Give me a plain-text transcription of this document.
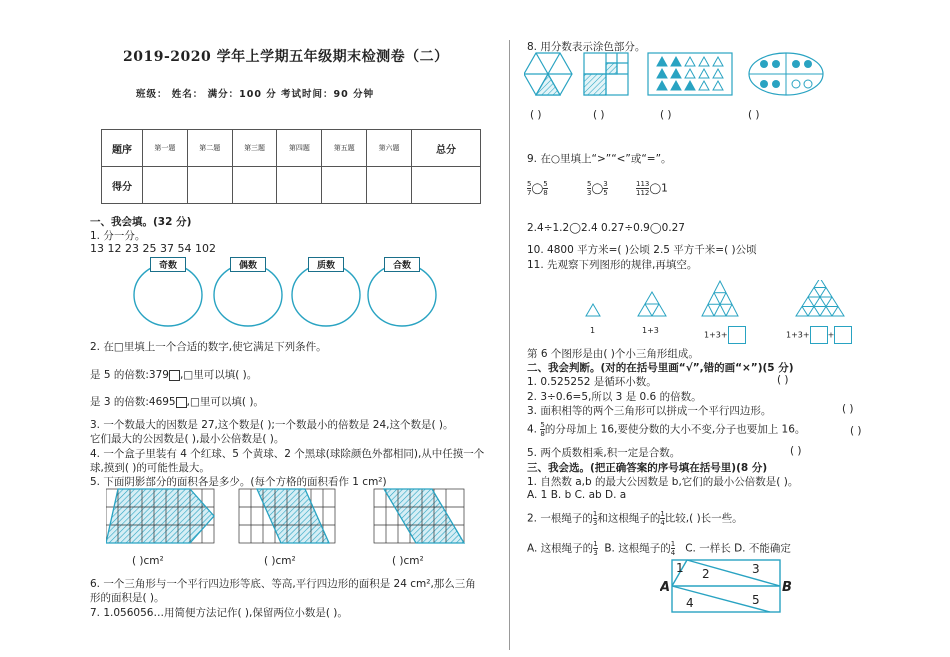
2019-2020 学年上学期五年级期末检测卷（二）
班级： 姓名： 满分：100 分 考试时间：90 分钟
题序	第一题	第二题	第三题	第四题	第五题	第六题	总分
得分							
一、我会填。(32 分)
1. 分一分。
13 12 23 25 37 54 102
奇数	偶数	质数	合数
2. 在□里填上一个合适的数字,使它满足下列条件。
是 5 的倍数:379 ,□里可以填( )。
是 3 的倍数:4695 ,□里可以填( )。
3. 一个数最大的因数是 27,这个数是( );一个数最小的倍数是 24,这个数是( )。
它们最大的公因数是( ),最小公倍数是( )。
4. 一个盒子里装有 4 个红球、5 个黄球、2 个黑球(球除颜色外都相同),从中任摸一个
球,摸到( )的可能性最大。
5. 下面阴影部分的面积各是多少。(每个方格的面积看作 1 cm²)
( )cm²	( )cm²	( )cm²
6. 一个三角形与一个平行四边形等底、等高,平行四边形的面积是 24 cm²,那么三角
形的面积是( )。
7. 1.056056…用简便方法记作( ),保留两位小数是( )。
8. 用分数表示涂色部分。
( )	( )	( )	( )
9. 在○里填上“>”“<”或“=”。
$\frac{5}{7}$ ◯ $\frac{5}{8}$	$\frac{5}{3}$ ◯ $\frac{3}{5}$	$\frac{113}{112}$ ◯1
2.4÷1.2◯2.4 0.27÷0.9◯0.27
10. 4800 平方米=( )公顷 2.5 平方千米=( )公顷
11. 先观察下列图形的规律,再填空。
1	1+3	1+3+	1+3+ +
第 6 个图形是由( )个小三角形组成。
二、我会判断。(对的在括号里画“√”,错的画“×”)(5 分)
1. 0.525252 是循环小数。	( )
2. 3÷0.6=5,所以 3 是 0.6 的倍数。
3. 面积相等的两个三角形可以拼成一个平行四边形。	( )
4. $\frac{5}{8}$ 的分母加上 16,要使分数的大小不变,分子也要加上 16。	( )
5. 两个质数相乘,积一定是合数。	( )
三、我会选。(把正确答案的序号填在括号里)(8 分)
1. 自然数 a,b 的最大公因数是 b,它们的最小公倍数是( )。
A. 1 B. b C. ab D. a
2. 一根绳子的 $\frac{1}{3}$ 和这根绳子的 $\frac{1}{4}$ 比较,( )长一些。
A. 这根绳子的 $\frac{1}{3} B$. 这根绳子的 $\frac{1}{4} C$. 一样长 D. 不能确定
A	B
1 2	3
4	5
